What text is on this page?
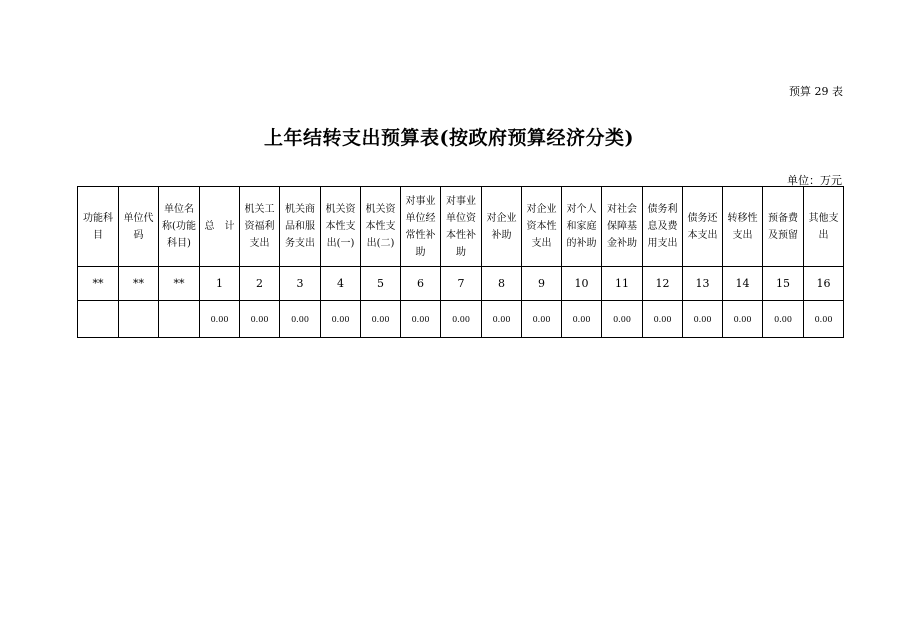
预算 29 表
上年结转支出预算表(按政府预算经济分类)
单位：万元
功能科目	单位代码	单位名称(功能科目)	总　计	机关工资福利支出	机关商品和服务支出	机关资本性支出(一)	机关资本性支出(二)	对事业单位经常性补助	对事业单位资本性补助	对企业补助	对企业资本性支出	对个人和家庭的补助	对社会保障基金补助	债务利息及费用支出	债务还本支出	转移性支出	预备费及预留	其他支出
**	**	**	1	2	3	4	5	6	7	8	9	10	11	12	13	14	15	16
			0.00	0.00	0.00	0.00	0.00	0.00	0.00	0.00	0.00	0.00	0.00	0.00	0.00	0.00	0.00	0.00
